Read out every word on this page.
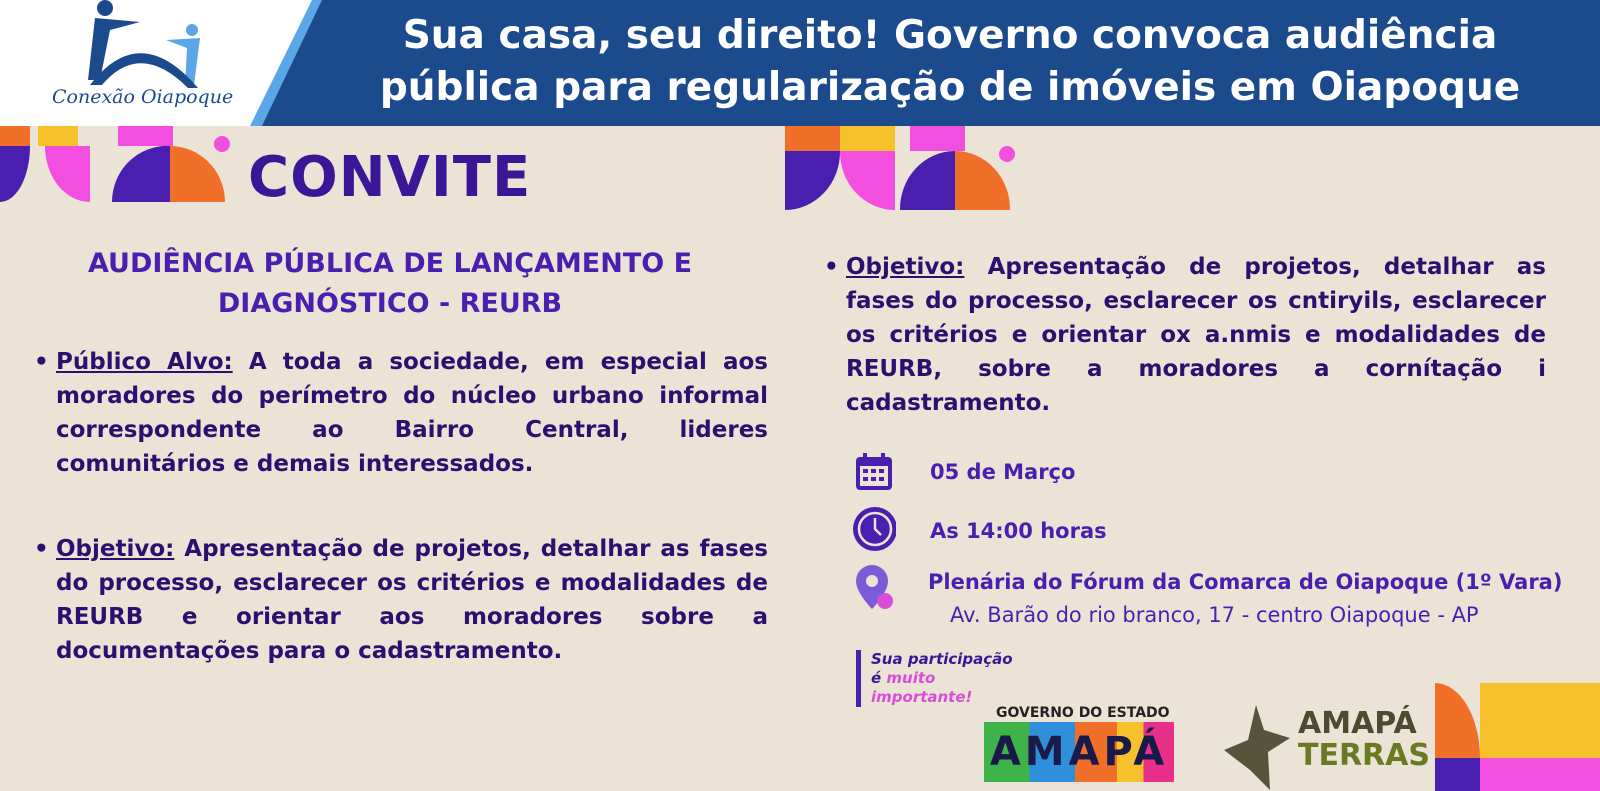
Conexão Oiapoque
Sua casa, seu direito! Governo convoca audiência
pública para regularização de imóveis em Oiapoque
CONVITE
AUDIÊNCIA PÚBLICA DE LANÇAMENTO E
DIAGNÓSTICO - REURB
• Público Alvo: A toda a sociedade, em especial aos moradores do perímetro do núcleo urbano informal correspondente ao Bairro Central, lideres comunitários e demais interessados.
• Objetivo: Apresentação de projetos, detalhar as fases do processo, esclarecer os critérios e modalidades de REURB e orientar aos moradores sobre a documentações para o cadastramento.
• Objetivo: Apresentação de projetos, detalhar as fases do processo, esclarecer os cntiryils, esclarecer os critérios e orientar ox a.nmis e modalidades de REURB, sobre a moradores a cornítação i cadastramento.
05 de Março
As 14:00 horas
Plenária do Fórum da Comarca de Oiapoque (1º Vara)
Av. Barão do rio branco, 17 - centro Oiapoque - AP
Sua participação
é muito
importante!
GOVERNO DO ESTADO
AMAPÁ
AMAPÁ
TERRAS
